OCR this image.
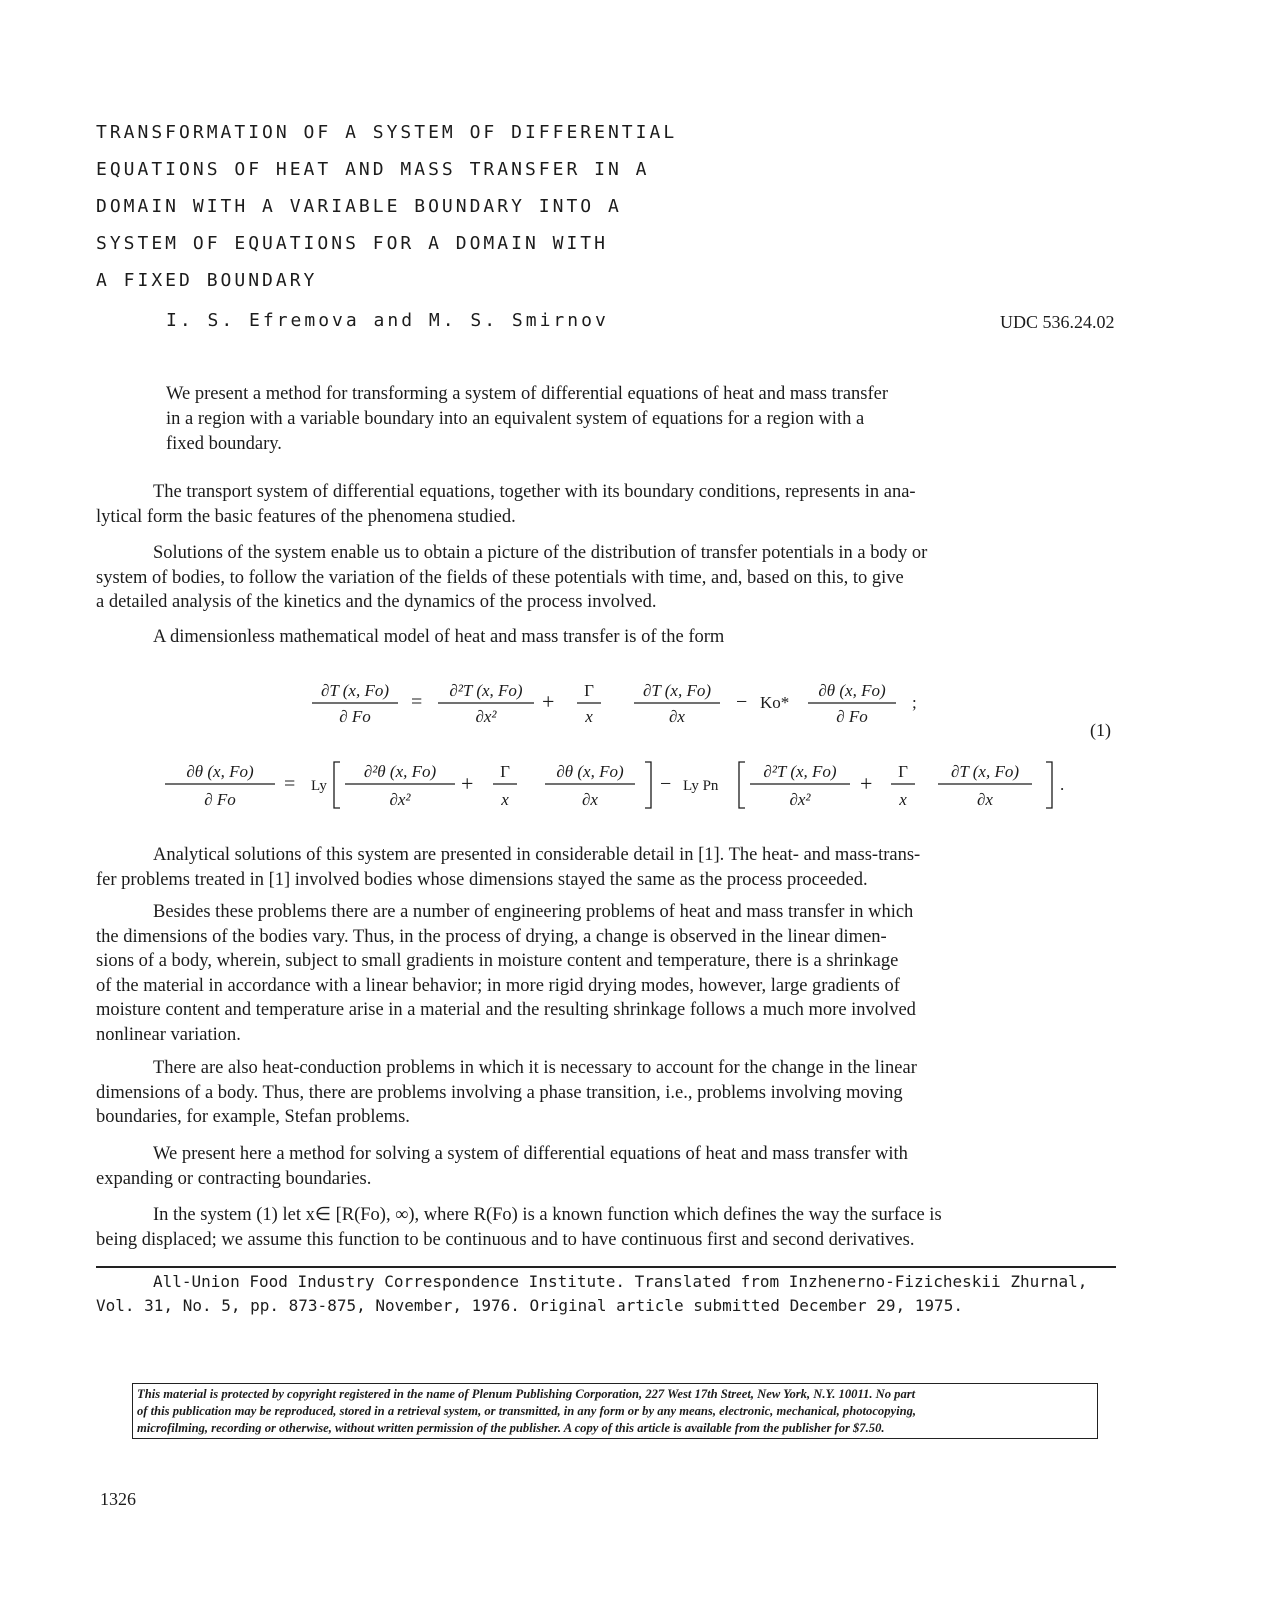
TRANSFORMATION OF A SYSTEM OF DIFFERENTIAL
EQUATIONS OF HEAT AND MASS TRANSFER IN A
DOMAIN WITH A VARIABLE BOUNDARY INTO A
SYSTEM OF EQUATIONS FOR A DOMAIN WITH
A FIXED BOUNDARY
I. S. Efremova and M. S. Smirnov	UDC 536.24.02
We present a method for transforming a system of differential equations of heat and mass transfer
in a region with a variable boundary into an equivalent system of equations for a region with a
fixed boundary.
The transport system of differential equations, together with its boundary conditions, represents in ana-
lytical form the basic features of the phenomena studied.
Solutions of the system enable us to obtain a picture of the distribution of transfer potentials in a body or
system of bodies, to follow the variation of the fields of these potentials with time, and, based on this, to give
a detailed analysis of the kinetics and the dynamics of the process involved.
A dimensionless mathematical model of heat and mass transfer is of the form
∂T (x, Fo)
∂ Fo
=
∂²T (x, Fo)
∂x²
+ Γ
x
∂T (x, Fo)
∂x
− Ko*
∂θ (x, Fo)
∂ Fo
;
∂θ (x, Fo)
∂ Fo
= Ly
∂²θ (x, Fo)
∂x²
+ Γ
x
∂θ (x, Fo)
∂x
− Ly Pn
∂²T (x, Fo)
∂x²
+ Γ
x
∂T (x, Fo)
∂x
.
(1)
Analytical solutions of this system are presented in considerable detail in [1]. The heat- and mass-trans-
fer problems treated in [1] involved bodies whose dimensions stayed the same as the process proceeded.
Besides these problems there are a number of engineering problems of heat and mass transfer in which
the dimensions of the bodies vary. Thus, in the process of drying, a change is observed in the linear dimen-
sions of a body, wherein, subject to small gradients in moisture content and temperature, there is a shrinkage
of the material in accordance with a linear behavior; in more rigid drying modes, however, large gradients of
moisture content and temperature arise in a material and the resulting shrinkage follows a much more involved
nonlinear variation.
There are also heat-conduction problems in which it is necessary to account for the change in the linear
dimensions of a body. Thus, there are problems involving a phase transition, i.e., problems involving moving
boundaries, for example, Stefan problems.
We present here a method for solving a system of differential equations of heat and mass transfer with
expanding or contracting boundaries.
In the system (1) let x∈ [R(Fo), ∞), where R(Fo) is a known function which defines the way the surface is
being displaced; we assume this function to be continuous and to have continuous first and second derivatives.
All-Union Food Industry Correspondence Institute. Translated from Inzhenerno-Fizicheskii Zhurnal,
Vol. 31, No. 5, pp. 873-875, November, 1976. Original article submitted December 29, 1975.
This material is protected by copyright registered in the name of Plenum Publishing Corporation, 227 West 17th Street, New York, N.Y. 10011. No part
of this publication may be reproduced, stored in a retrieval system, or transmitted, in any form or by any means, electronic, mechanical, photocopying,
microfilming, recording or otherwise, without written permission of the publisher. A copy of this article is available from the publisher for $7.50.
1326
